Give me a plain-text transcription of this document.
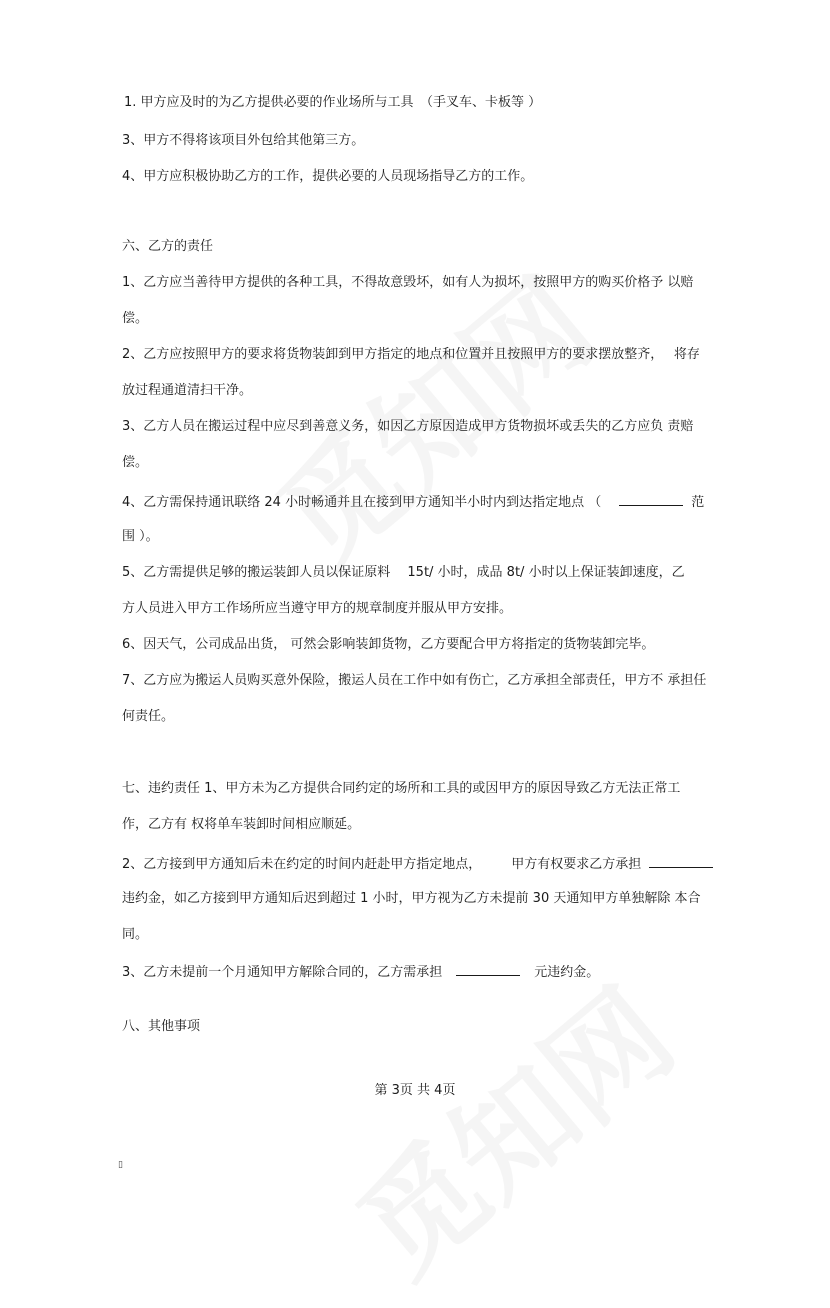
1. 甲方应及时的为乙方提供必要的作业场所与工具　（手叉车、卡板等 ）

3、甲方不得将该项目外包给其他第三方。

4、甲方应积极协助乙方的工作，提供必要的人员现场指导乙方的工作。

六、乙方的责任

1、乙方应当善待甲方提供的各种工具，不得故意毁坏，如有人为损坏，按照甲方的购买价格予 以赔

偿。

2、乙方应按照甲方的要求将货物装卸到甲方指定的地点和位置并且按照甲方的要求摆放整齐，　 将存

放过程通道清扫干净。

3、乙方人员在搬运过程中应尽到善意义务，如因乙方原因造成甲方货物损坏或丢失的乙方应负 责赔

偿。

4、乙方需保持通讯联络 24 小时畅通并且在接到甲方通知半小时内到达指定地点 （	范

围 ）。

5、乙方需提供足够的搬运装卸人员以保证原料　 15t/ 小时，成品 8t/ 小时以上保证装卸速度，乙

方人员进入甲方工作场所应当遵守甲方的规章制度并服从甲方安排。

6、因天气，公司成品出货， 可然会影响装卸货物，乙方要配合甲方将指定的货物装卸完毕。

7、乙方应为搬运人员购买意外保险，搬运人员在工作中如有伤亡，乙方承担全部责任，甲方不 承担任

何责任。

七、违约责任 1、甲方未为乙方提供合同约定的场所和工具的或因甲方的原因导致乙方无法正常工

作，乙方有 权将单车装卸时间相应顺延。

2、乙方接到甲方通知后未在约定的时间内赶赴甲方指定地点， 甲方有权要求乙方承担

违约金，如乙方接到甲方通知后迟到超过 1 小时，甲方视为乙方未提前 30 天通知甲方单独解除 本合

同。

3、乙方未提前一个月通知甲方解除合同的，乙方需承担	元违约金。

八、其他事项

第 3页 共 4页
▯
